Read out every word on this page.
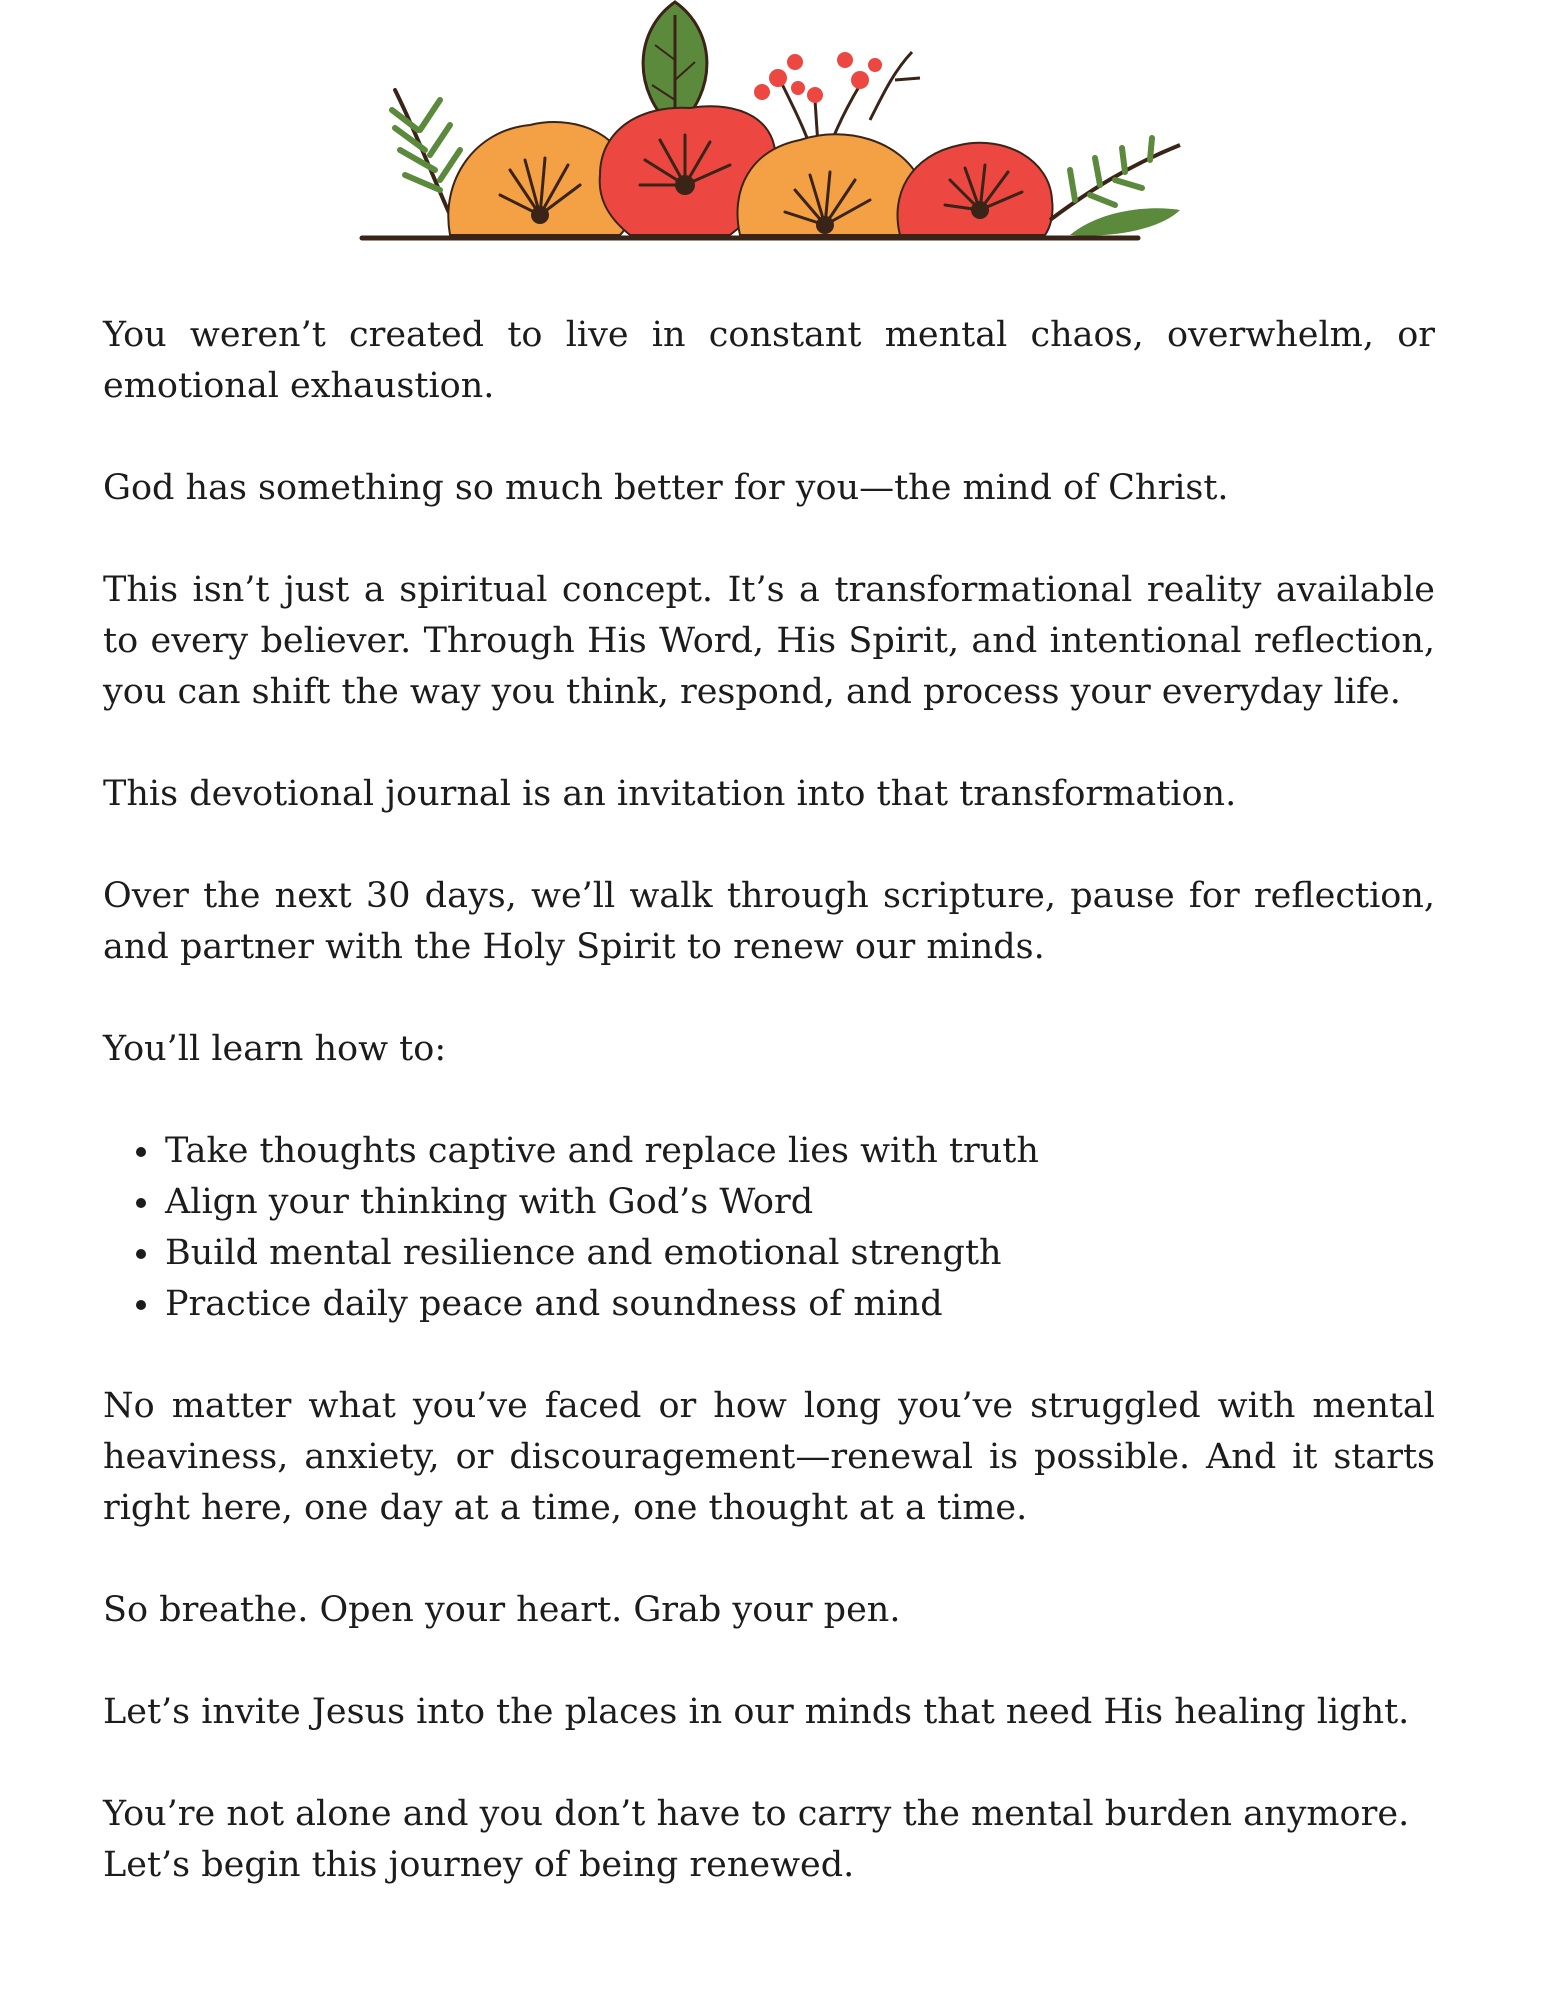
You weren’t created to live in constant mental chaos, overwhelm, or emotional exhaustion.

God has something so much better for you—the mind of Christ.

This isn’t just a spiritual concept. It’s a transformational reality available to every believer. Through His Word, His Spirit, and intentional reflection, you can shift the way you think, respond, and process your everyday life.

This devotional journal is an invitation into that transformation.

Over the next 30 days, we’ll walk through scripture, pause for reflection, and partner with the Holy Spirit to renew our minds.

You’ll learn how to:

• Take thoughts captive and replace lies with truth
• Align your thinking with God’s Word
• Build mental resilience and emotional strength
• Practice daily peace and soundness of mind

No matter what you’ve faced or how long you’ve struggled with mental heaviness, anxiety, or discouragement—renewal is possible. And it starts right here, one day at a time, one thought at a time.

So breathe. Open your heart. Grab your pen.

Let’s invite Jesus into the places in our minds that need His healing light.

You’re not alone and you don’t have to carry the mental burden anymore.

Let’s begin this journey of being renewed.
